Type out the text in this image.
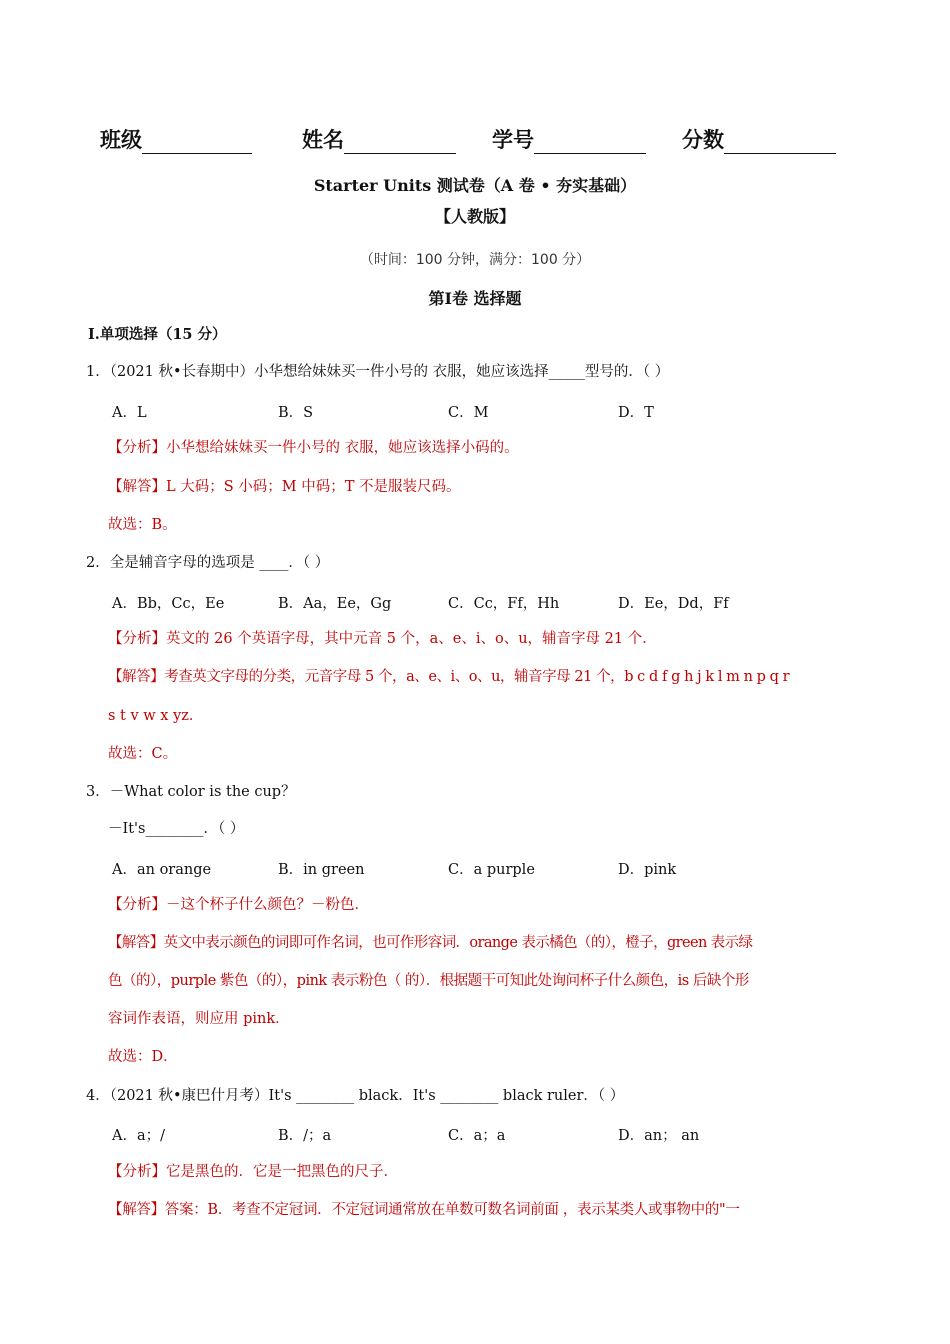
班级	姓名	学号	分数
Starter Units 测试卷（A 卷 • 夯实基础）
【人教版】
（时间：100 分钟，满分：100 分）
第Ⅰ卷 选择题
Ⅰ.单项选择（15 分）
1．（2021 秋•长春期中）小华想给妹妹买一件小号的 衣服，她应该选择_____型号的．（ ）
A．L	B．S	C．M	D．T
【分析】小华想给妹妹买一件小号的 衣服，她应该选择小码的。
【解答】L 大码；S 小码；M 中码；T 不是服装尺码。
故选：B。
2．全是辅音字母的选项是 ____．（ ）
A．Bb，Cc，Ee	B．Aa，Ee，Gg	C．Cc，Ff，Hh	D．Ee，Dd，Ff
【分析】英文的 26 个英语字母，其中元音 5 个，a、e、i、o、u，辅音字母 21 个．
【解答】考查英文字母的分类，元音字母 5 个，a、e、i、o、u，辅音字母 21 个，b c d f g h j k l m n p q r
s t v w x yz．
故选：C。
3．－What color is the cup？
－It's________．（ ）
A．an orange	B．in green	C．a purple	D．pink
【分析】－这个杯子什么颜色？－粉色．
【解答】英文中表示颜色的词即可作名词，也可作形容词．orange 表示橘色（的），橙子，green 表示绿
色（的），purple 紫色（的），pink 表示粉色（ 的）．根据题干可知此处询问杯子什么颜色，is 后缺个形
容词作表语，则应用 pink．
故选：D．
4．（2021 秋•康巴什月考）It's ________ black．It's ________ black ruler．（ ）
A．a；/	B．/；a	C．a；a	D．an； an
【分析】它是黑色的．它是一把黑色的尺子．
【解答】答案：B．考查不定冠词．不定冠词通常放在单数可数名词前面 ，表示某类人或事物中的"一
